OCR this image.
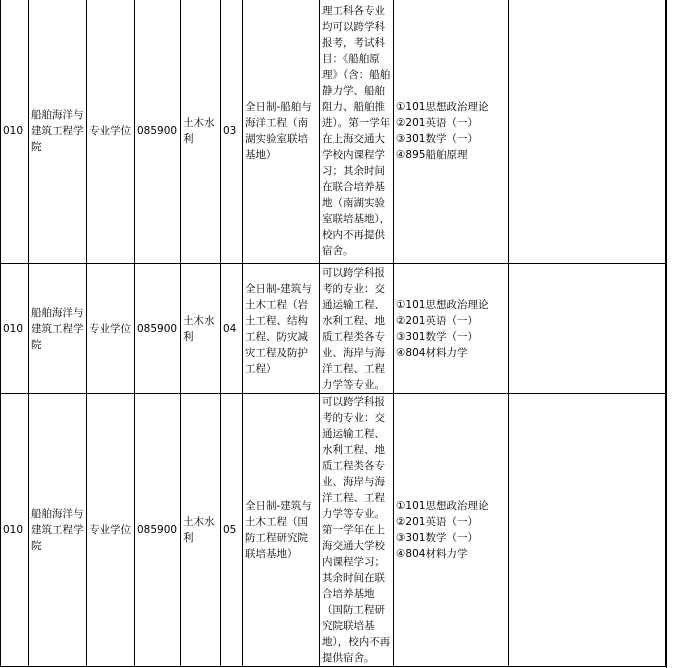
010	船舶海洋与建筑工程学院	专业学位	085900	土木水利	03	全日制-船舶与海洋工程（南湖实验室联培基地）	理工科各专业均可以跨学科报考，考试科目：《船舶原理》（含：船舶静力学、船舶阻力、船舶推进）。第一学年在上海交通大学校内课程学习；其余时间在联合培养基地（南湖实验室联培基地），校内不再提供宿舍。	①101思想政治理论
②201英语（一）
③301数学（一）
④895船舶原理	

010	船舶海洋与建筑工程学院	专业学位	085900	土木水利	04	全日制-建筑与土木工程（岩土工程、结构工程、防灾减灾工程及防护工程）	可以跨学科报考的专业：交通运输工程、水利工程、地质工程类各专业、海岸与海洋工程、工程力学等专业。	①101思想政治理论
②201英语（一）
③301数学（一）
④804材料力学	

010	船舶海洋与建筑工程学院	专业学位	085900	土木水利	05	全日制-建筑与土木工程（国防工程研究院联培基地）	可以跨学科报考的专业：交通运输工程、水利工程、地质工程类各专业、海岸与海洋工程、工程力学等专业。第一学年在上海交通大学校内课程学习；其余时间在联合培养基地（国防工程研究院联培基地），校内不再提供宿舍。	①101思想政治理论
②201英语（一）
③301数学（一）
④804材料力学	
